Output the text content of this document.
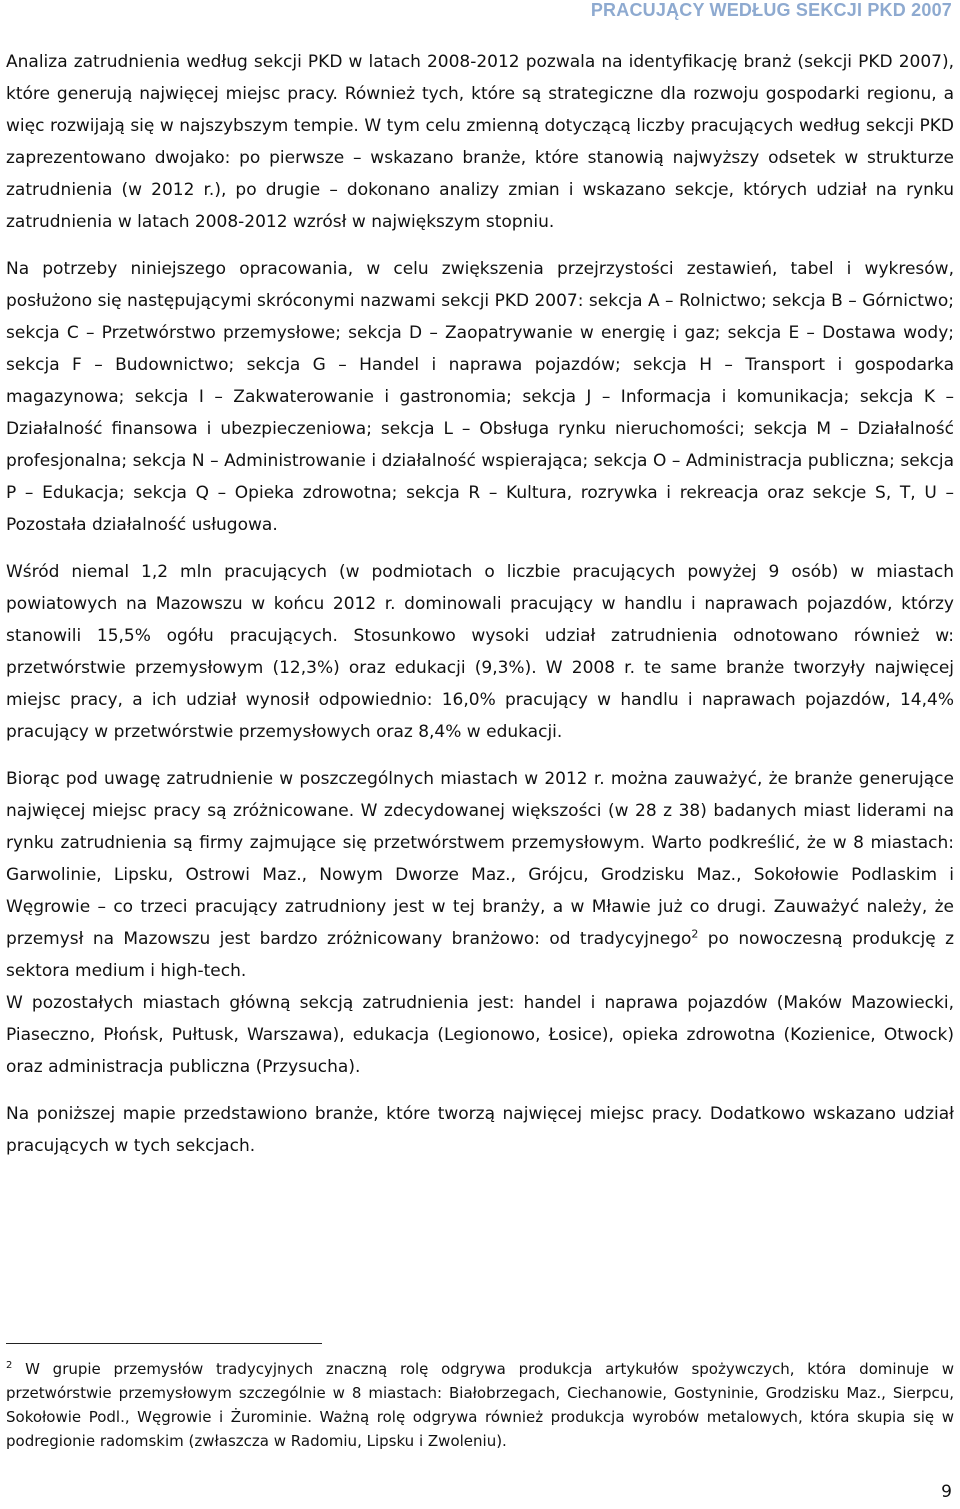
PRACUJĄCY WEDŁUG SEKCJI PKD 2007

Analiza zatrudnienia według sekcji PKD w latach 2008-2012 pozwala na identyfikację branż (sekcji PKD 2007), które generują najwięcej miejsc pracy. Również tych, które są strategiczne dla rozwoju gospodarki regionu, a więc rozwijają się w najszybszym tempie. W tym celu zmienną dotyczącą liczby pracujących według sekcji PKD zaprezentowano dwojako: po pierwsze – wskazano branże, które stanowią najwyższy odsetek w strukturze zatrudnienia (w 2012 r.), po drugie – dokonano analizy zmian i wskazano sekcje, których udział na rynku zatrudnienia w latach 2008-2012 wzrósł w największym stopniu.

Na potrzeby niniejszego opracowania, w celu zwiększenia przejrzystości zestawień, tabel i wykresów, posłużono się następującymi skróconymi nazwami sekcji PKD 2007: sekcja A – Rolnictwo; sekcja B – Górnictwo; sekcja C – Przetwórstwo przemysłowe; sekcja D – Zaopatrywanie w energię i gaz; sekcja E – Dostawa wody; sekcja F – Budownictwo; sekcja G – Handel i naprawa pojazdów; sekcja H – Transport i gospodarka magazynowa; sekcja I – Zakwaterowanie i gastronomia; sekcja J – Informacja i komunikacja; sekcja K – Działalność finansowa i ubezpieczeniowa; sekcja L – Obsługa rynku nieruchomości; sekcja M – Działalność profesjonalna; sekcja N – Administrowanie i działalność wspierająca; sekcja O – Administracja publiczna; sekcja P – Edukacja; sekcja Q – Opieka zdrowotna; sekcja R – Kultura, rozrywka i rekreacja oraz sekcje S, T, U – Pozostała działalność usługowa.

Wśród niemal 1,2 mln pracujących (w podmiotach o liczbie pracujących powyżej 9 osób) w miastach powiatowych na Mazowszu w końcu 2012 r. dominowali pracujący w handlu i naprawach pojazdów, którzy stanowili 15,5% ogółu pracujących. Stosunkowo wysoki udział zatrudnienia odnotowano również w: przetwórstwie przemysłowym (12,3%) oraz edukacji (9,3%). W 2008 r. te same branże tworzyły najwięcej miejsc pracy, a ich udział wynosił odpowiednio: 16,0% pracujący w handlu i naprawach pojazdów, 14,4% pracujący w przetwórstwie przemysłowych oraz 8,4% w edukacji.

Biorąc pod uwagę zatrudnienie w poszczególnych miastach w 2012 r. można zauważyć, że branże generujące najwięcej miejsc pracy są zróżnicowane. W zdecydowanej większości (w 28 z 38) badanych miast liderami na rynku zatrudnienia są firmy zajmujące się przetwórstwem przemysłowym. Warto podkreślić, że w 8 miastach: Garwolinie, Lipsku, Ostrowi Maz., Nowym Dworze Maz., Grójcu, Grodzisku Maz., Sokołowie Podlaskim i Węgrowie – co trzeci pracujący zatrudniony jest w tej branży, a w Mławie już co drugi. Zauważyć należy, że przemysł na Mazowszu jest bardzo zróżnicowany branżowo: od tradycyjnego$^2$ po nowoczesną produkcję z sektora medium i high-tech.

W pozostałych miastach główną sekcją zatrudnienia jest: handel i naprawa pojazdów (Maków Mazowiecki, Piaseczno, Płońsk, Pułtusk, Warszawa), edukacja (Legionowo, Łosice), opieka zdrowotna (Kozienice, Otwock) oraz administracja publiczna (Przysucha).

Na poniższej mapie przedstawiono branże, które tworzą najwięcej miejsc pracy. Dodatkowo wskazano udział pracujących w tych sekcjach.

$^2$ W grupie przemysłów tradycyjnych znaczną rolę odgrywa produkcja artykułów spożywczych, która dominuje w przetwórstwie przemysłowym szczególnie w 8 miastach: Białobrzegach, Ciechanowie, Gostyninie, Grodzisku Maz., Sierpcu, Sokołowie Podl., Węgrowie i Żurominie. Ważną rolę odgrywa również produkcja wyrobów metalowych, która skupia się w podregionie radomskim (zwłaszcza w Radomiu, Lipsku i Zwoleniu).
9
